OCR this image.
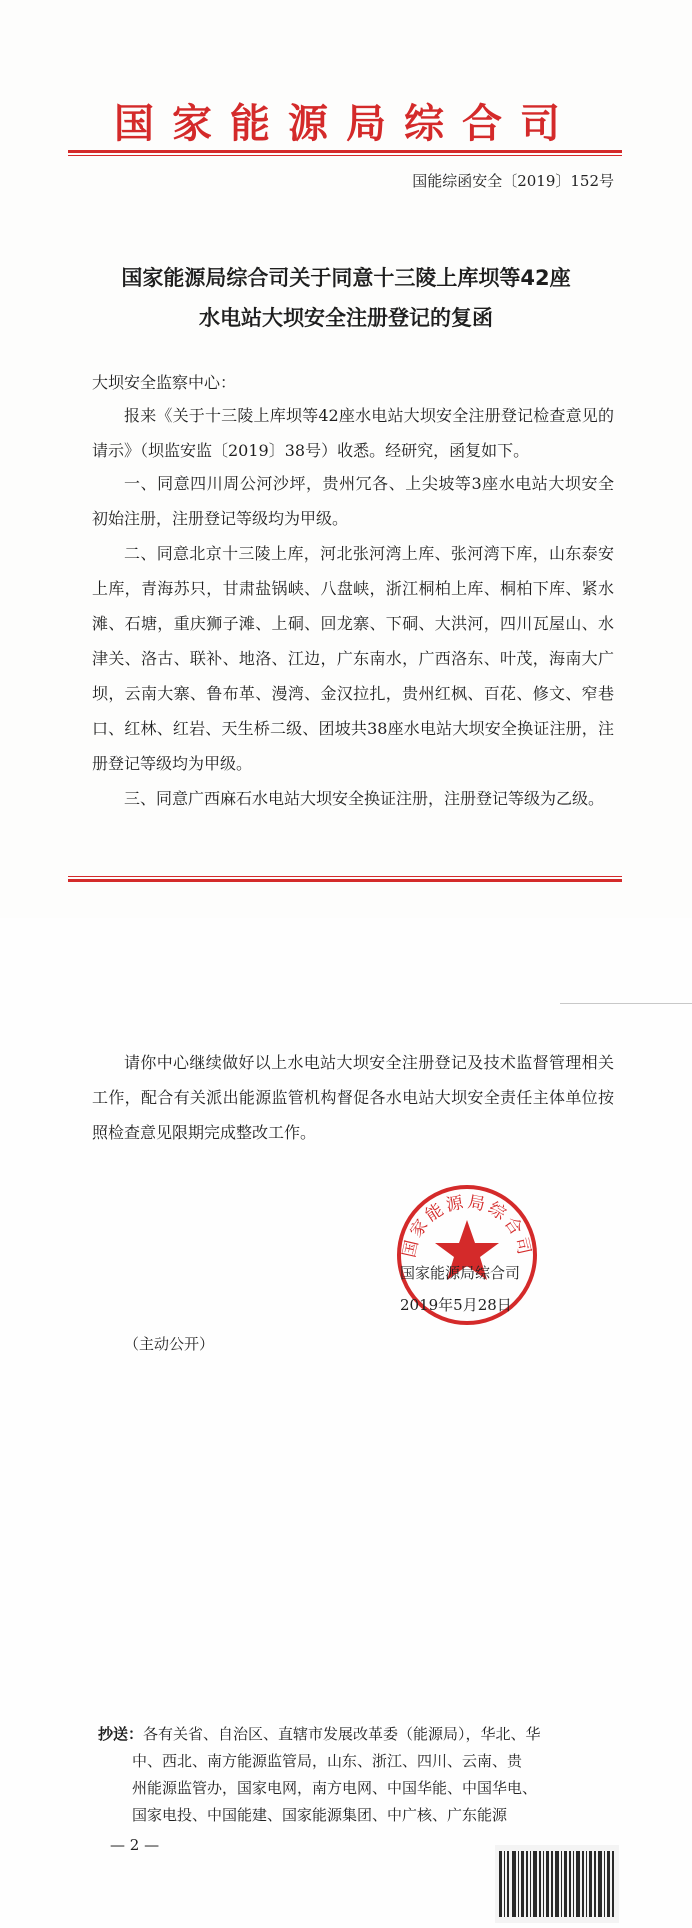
国家能源局综合司
国能综函安全〔2019〕152号
国家能源局综合司关于同意十三陵上库坝等42座
水电站大坝安全注册登记的复函

大坝安全监察中心：

报来《关于十三陵上库坝等42座水电站大坝安全注册登记检查意见的请示》（坝监安监〔2019〕38号）收悉。经研究，函复如下。

一、同意四川周公河沙坪，贵州冗各、上尖坡等3座水电站大坝安全初始注册，注册登记等级均为甲级。

二、同意北京十三陵上库，河北张河湾上库、张河湾下库，山东泰安上库，青海苏只，甘肃盐锅峡、八盘峡，浙江桐柏上库、桐柏下库、紧水滩、石塘，重庆狮子滩、上硐、回龙寨、下硐、大洪河，四川瓦屋山、水津关、洛古、联补、地洛、江边，广东南水，广西洛东、叶茂，海南大广坝，云南大寨、鲁布革、漫湾、金汉拉扎，贵州红枫、百花、修文、窄巷口、红林、红岩、天生桥二级、团坡共38座水电站大坝安全换证注册，注册登记等级均为甲级。

三、同意广西麻石水电站大坝安全换证注册，注册登记等级为乙级。

请你中心继续做好以上水电站大坝安全注册登记及技术监督管理相关工作，配合有关派出能源监管机构督促各水电站大坝安全责任主体单位按照检查意见限期完成整改工作。

国家能源局综合司
国家能源局综合司
2019年5月28日
（主动公开）

抄送：各有关省、自治区、直辖市发展改革委（能源局），华北、华
中、西北、南方能源监管局，山东、浙江、四川、云南、贵
州能源监管办，国家电网，南方电网、中国华能、中国华电、
国家电投、中国能建、国家能源集团、中广核、广东能源

— 2 —
